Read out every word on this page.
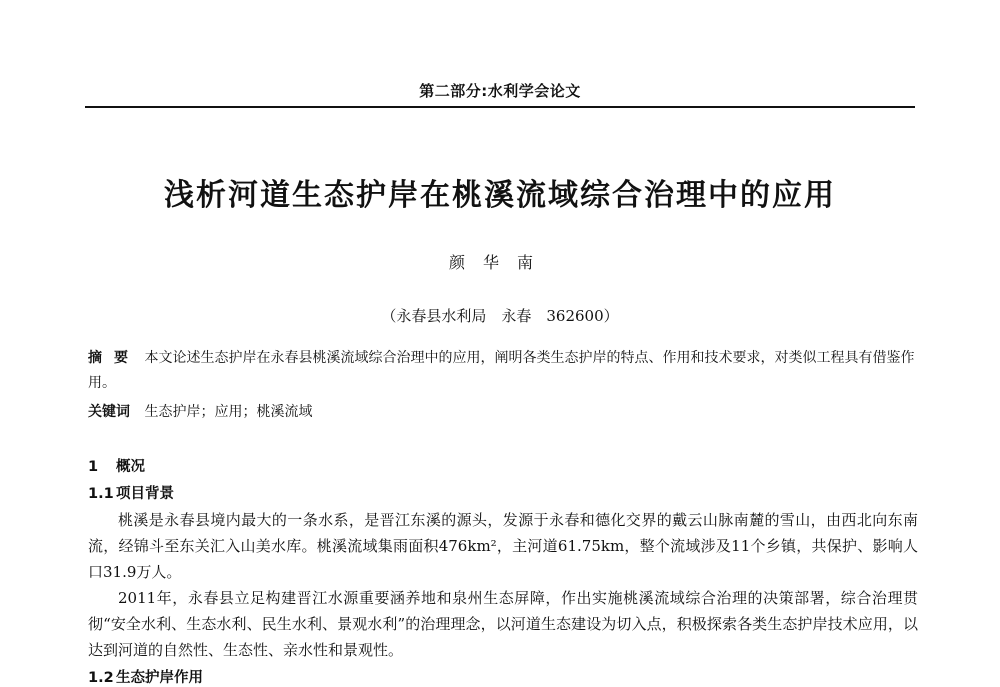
第二部分:水利学会论文
浅析河道生态护岸在桃溪流域综合治理中的应用
颜华南
（永春县水利局　永春　362600）
摘要 本文论述生态护岸在永春县桃溪流域综合治理中的应用，阐明各类生态护岸的特点、作用和技术要求，对类似工程具有借鉴作用。
关键词 生态护岸；应用；桃溪流域
1 概况
1.1 项目背景
桃溪是永春县境内最大的一条水系，是晋江东溪的源头，发源于永春和德化交界的戴云山脉南麓的雪山，由西北向东南流，经锦斗至东关汇入山美水库。桃溪流域集雨面积476km²，主河道61.75km，整个流域涉及11个乡镇，共保护、影响人口31.9万人。
2011年，永春县立足构建晋江水源重要涵养地和泉州生态屏障，作出实施桃溪流域综合治理的决策部署，综合治理贯彻“安全水利、生态水利、民生水利、景观水利”的治理理念，以河道生态建设为切入点，积极探索各类生态护岸技术应用，以达到河道的自然性、生态性、亲水性和景观性。
1.2 生态护岸作用
